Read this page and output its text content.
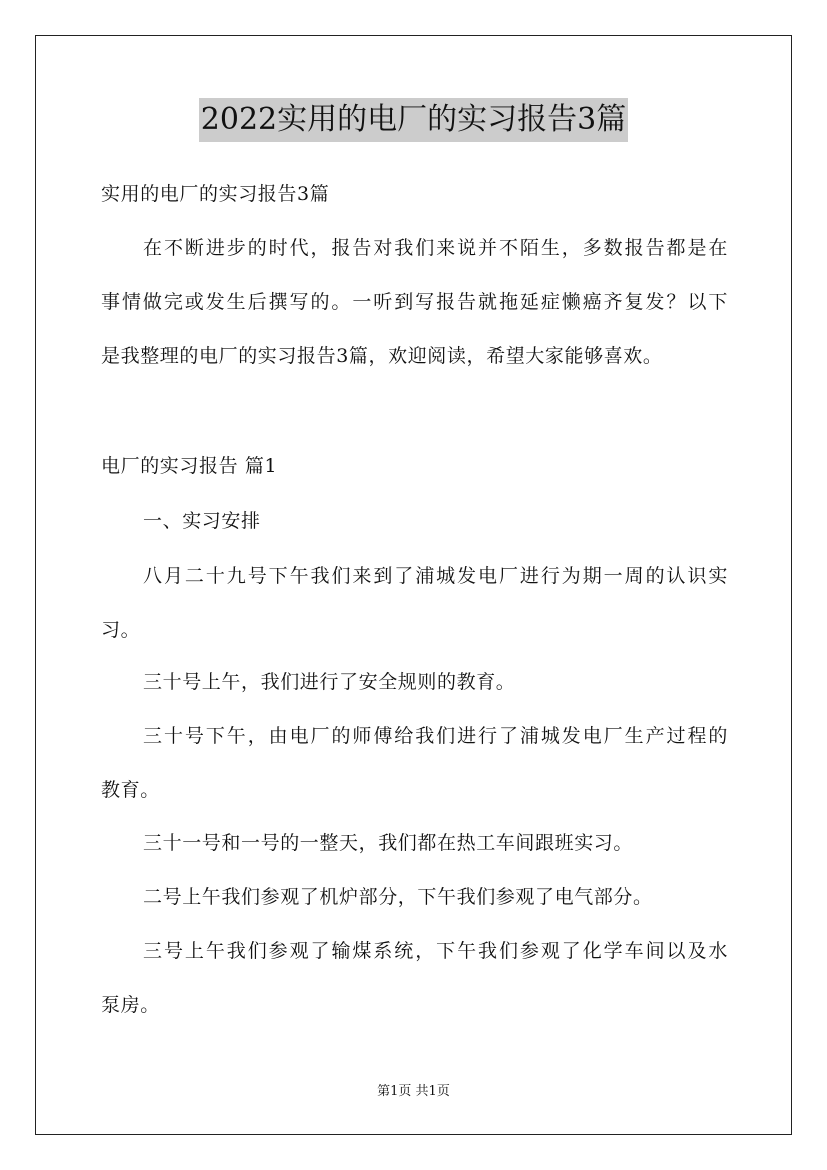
2022实用的电厂的实习报告3篇
实用的电厂的实习报告3篇
在不断进步的时代，报告对我们来说并不陌生，多数报告都是在
事情做完或发生后撰写的。一听到写报告就拖延症懒癌齐复发？以下
是我整理的电厂的实习报告3篇，欢迎阅读，希望大家能够喜欢。
电厂的实习报告 篇1
一、实习安排
八月二十九号下午我们来到了浦城发电厂进行为期一周的认识实
习。
三十号上午，我们进行了安全规则的教育。
三十号下午，由电厂的师傅给我们进行了浦城发电厂生产过程的
教育。
三十一号和一号的一整天，我们都在热工车间跟班实习。
二号上午我们参观了机炉部分，下午我们参观了电气部分。
三号上午我们参观了输煤系统，下午我们参观了化学车间以及水
泵房。
第1页 共1页
